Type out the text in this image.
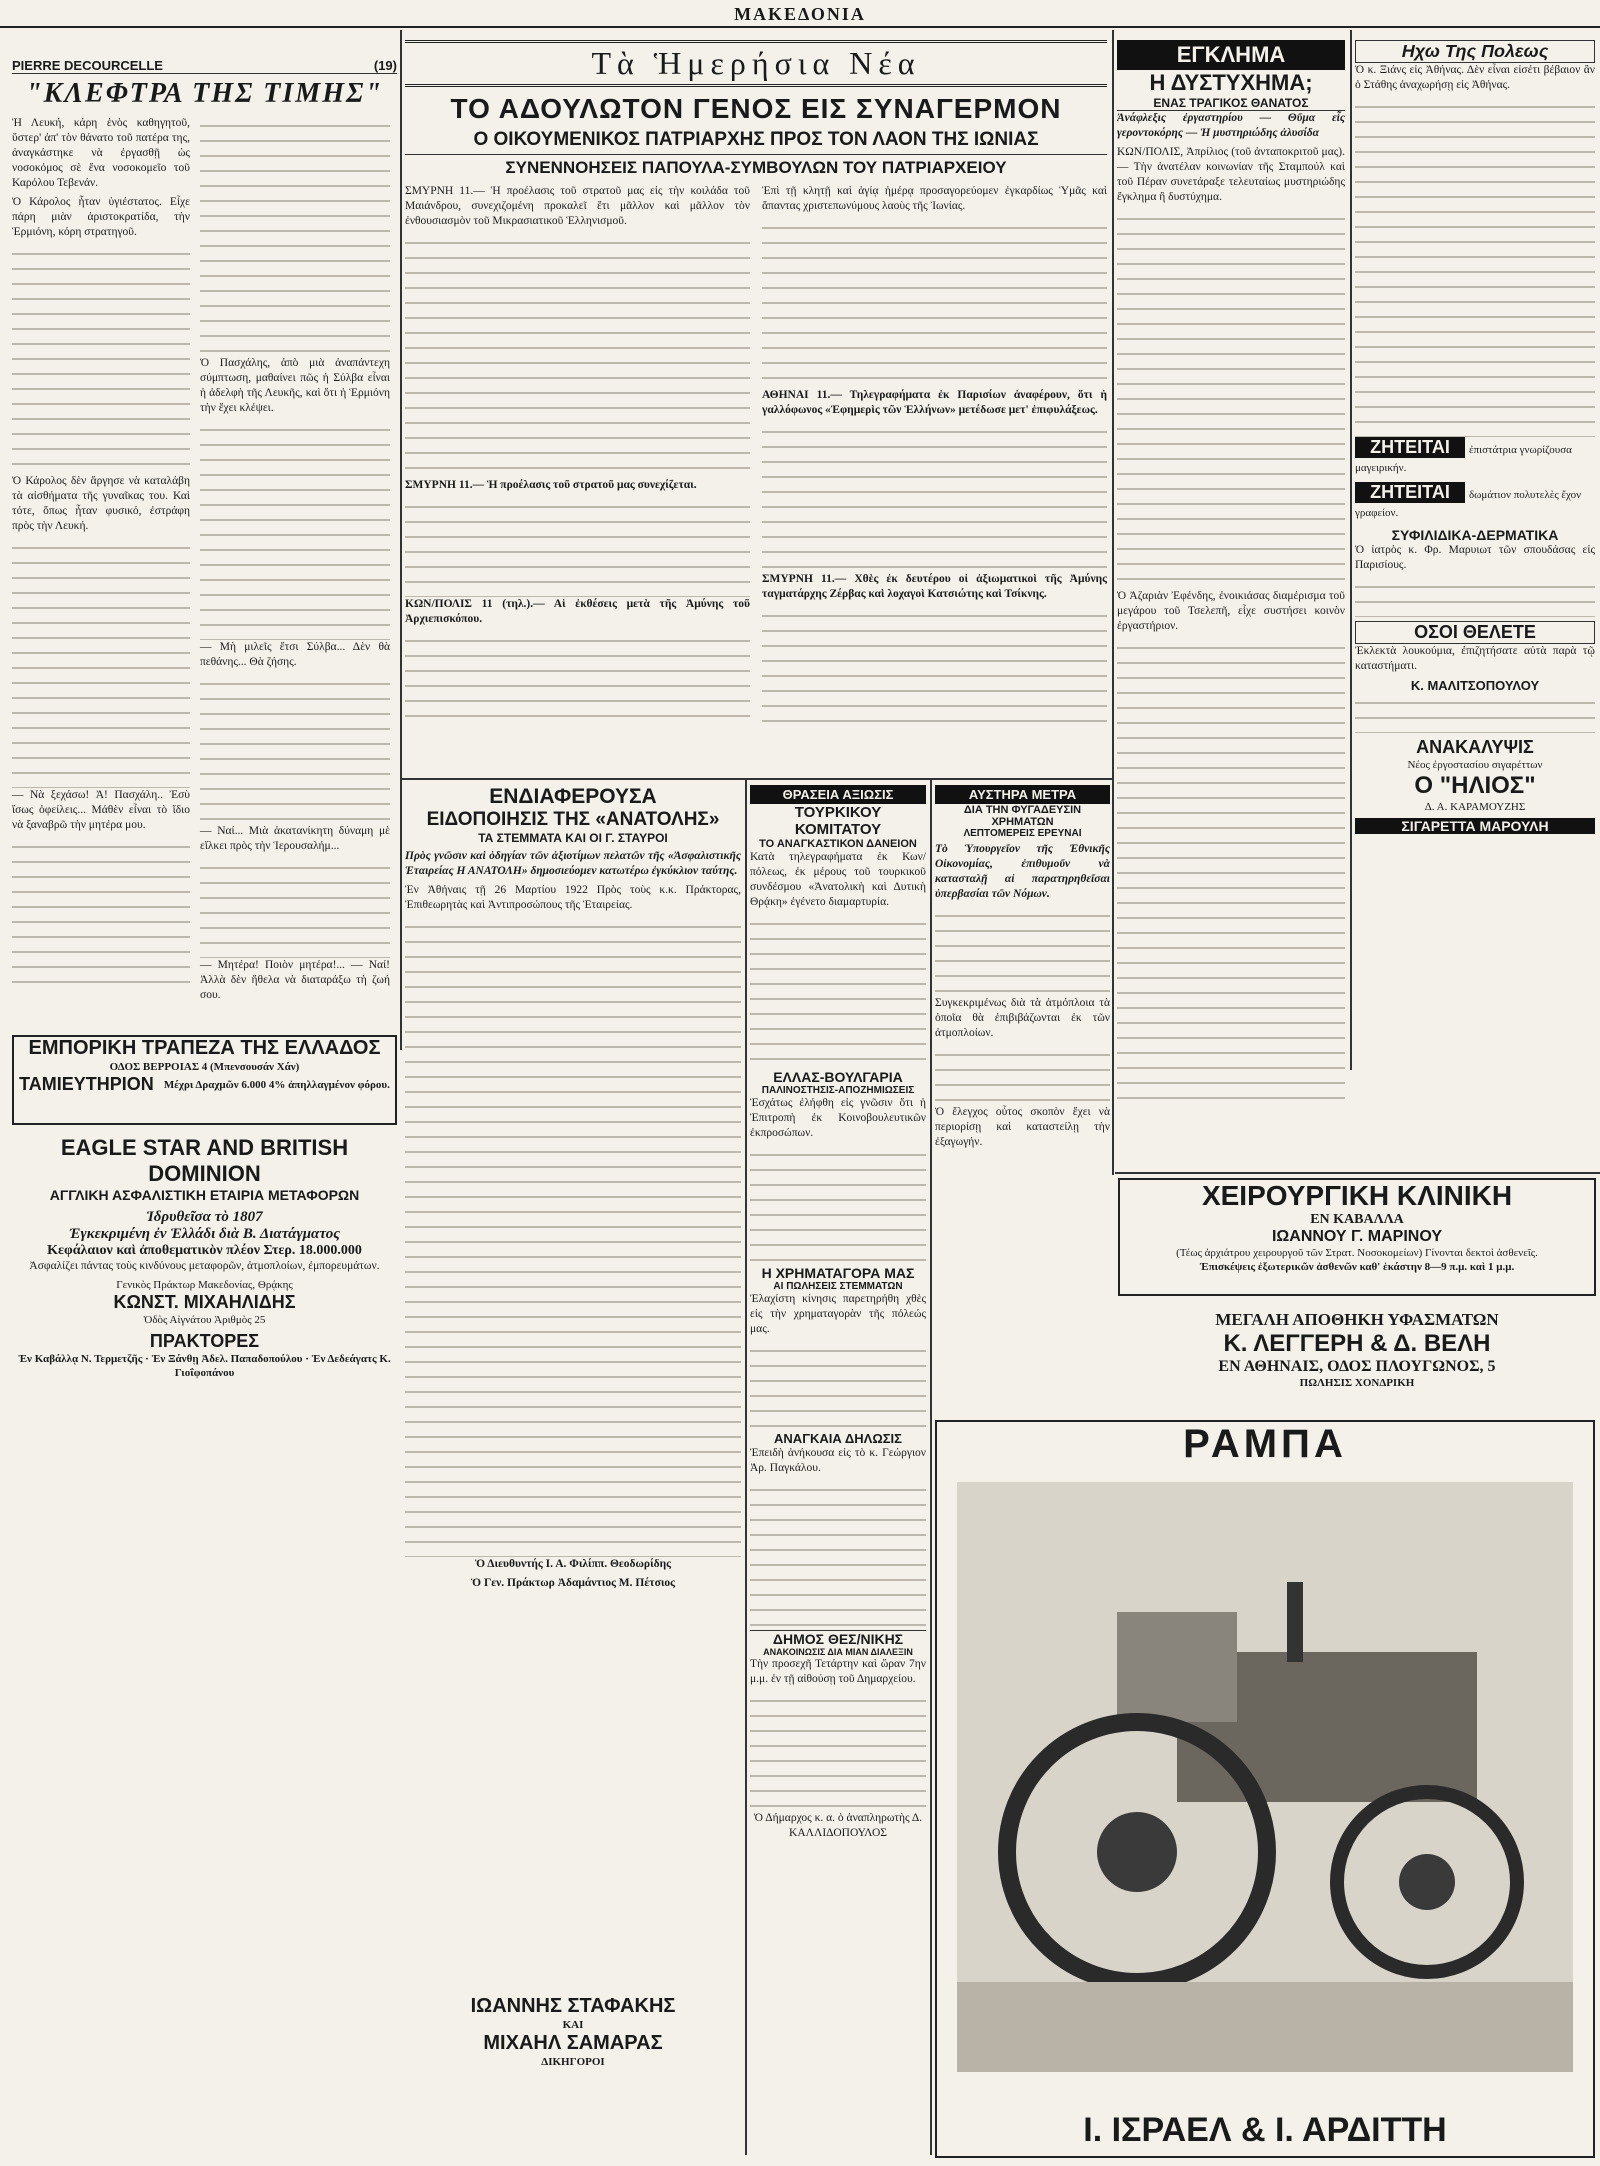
ΜΑΚΕΔΟΝΙΑ
PIERRE DECOURCELLE	(19)
"ΚΛΕΦΤΡΑ ΤΗΣ ΤΙΜΗΣ"

Ἡ Λευκή, κάρη ἑνὸς καθηγητοῦ, ὕστερ' ἀπ' τὸν θάνατο τοῦ πατέρα της, ἀναγκάστηκε νὰ ἐργασθῇ ὡς νοσοκόμος σὲ ἕνα νοσοκομεῖο τοῦ Καρόλου Τεβενάν.

Ὁ Κάρολος ἦταν ὑγιέστατος. Εἶχε πάρη μιὰν ἀριστοκρατίδα, τὴν Ἑρμιόνη, κόρη στρατηγοῦ.

Ὁ Κάρολος δὲν ἄργησε νὰ καταλάβη τὰ αἰσθήματα τῆς γυναῖκας του. Καὶ τότε, ὅπως ἦταν φυσικό, ἐστράφη πρὸς τὴν Λευκή.

— Νὰ ξεχάσω! Ἀ! Πασχάλη.. Ἐσὺ ἴσως ὀφείλεις... Μάθὲν εἶναι τὸ ἴδιο νὰ ξαναβρῶ τὴν μητέρα μου.

Ὁ Πασχάλης, ἀπὸ μιὰ ἀναπάντεχη σύμπτωση, μαθαίνει πῶς ἡ Σύλβα εἶναι ἡ ἀδελφὴ τῆς Λευκῆς, καὶ ὅτι ἡ Ἑρμιόνη τὴν ἔχει κλέψει.

— Μὴ μιλεῖς ἔτσι Σύλβα... Δὲν θὰ πεθάνης... Θὰ ζήσης.

— Ναί... Μιὰ ἀκατανίκητη δύναμη μὲ εἵλκει πρὸς τὴν Ἱερουσαλήμ...

— Μητέρα! Ποιὸν μητέρα!... — Ναί! Ἀλλὰ δὲν ἤθελα νὰ διαταράξω τὴ ζωή σου.

Τὰ Ἡμερήσια Νέα
ΤΟ ΑΔΟΥΛΩΤΟΝ ΓΕΝΟΣ ΕΙΣ ΣΥΝΑΓΕΡΜΟΝ
Ο ΟΙΚΟΥΜΕΝΙΚΟΣ ΠΑΤΡΙΑΡΧΗΣ ΠΡΟΣ ΤΟΝ ΛΑΟΝ ΤΗΣ ΙΩΝΙΑΣ
ΣΥΝΕΝΝΟΗΣΕΙΣ ΠΑΠΟΥΛΑ-ΣΥΜΒΟΥΛΩΝ ΤΟΥ ΠΑΤΡΙΑΡΧΕΙΟΥ

ΣΜΥΡΝΗ 11.— Ἡ προέλασις τοῦ στρατοῦ μας εἰς τὴν κοιλάδα τοῦ Μαιάνδρου, συνεχιζομένη προκαλεῖ ἔτι μᾶλλον καὶ μᾶλλον τὸν ἐνθουσιασμὸν τοῦ Μικρασιατικοῦ Ἑλληνισμοῦ.

ΣΜΥΡΝΗ 11.— Ἡ προέλασις τοῦ στρατοῦ μας συνεχίζεται.

ΚΩΝ/ΠΟΛΙΣ 11 (τηλ.).— Αἱ ἐκθέσεις μετὰ τῆς Ἀμύνης τοῦ Ἀρχιεπισκόπου.

Ἐπὶ τῇ κλητῇ καὶ ἁγίᾳ ἡμέρᾳ προσαγορεύομεν ἐγκαρδίως Ὑμᾶς καὶ ἅπαντας χριστεπωνύμους λαοὺς τῆς Ἰωνίας.

ΑΘΗΝΑΙ 11.— Τηλεγραφήματα ἐκ Παρισίων ἀναφέρουν, ὅτι ἡ γαλλόφωνος «Ἐφημερὶς τῶν Ἑλλήνων» μετέδωσε μετ' ἐπιφυλάξεως.

ΣΜΥΡΝΗ 11.— Χθὲς ἐκ δευτέρου οἱ ἀξιωματικοὶ τῆς Ἀμύνης ταγματάρχης Ζέρβας καὶ λοχαγοὶ Κατσιώτης καὶ Τσίκνης.

ΕΝΔΙΑΦΕΡΟΥΣΑ
ΕΙΔΟΠΟΙΗΣΙΣ ΤΗΣ «ΑΝΑΤΟΛΗΣ»
ΤΑ ΣΤΕΜΜΑΤΑ ΚΑΙ ΟΙ Γ. ΣΤΑΥΡΟΙ

Πρὸς γνῶσιν καὶ ὁδηγίαν τῶν ἀξιοτίμων πελατῶν τῆς «Ἀσφαλιστικῆς Ἑταιρείας Η ΑΝΑΤΟΛΗ» δημοσιεύομεν κατωτέρω ἐγκύκλιον ταύτης.

Ἐν Ἀθήναις τῇ 26 Μαρτίου 1922 Πρὸς τοὺς κ.κ. Πράκτορας, Ἐπιθεωρητὰς καὶ Ἀντιπροσώπους τῆς Ἑταιρείας.

Ὁ Διευθυντής Ι. Α. Φιλίππ. Θεοδωρίδης

Ὁ Γεν. Πράκτωρ Ἀδαμάντιος Μ. Πέτσιος

ΙΩΑΝΝΗΣ ΣΤΑΦΑΚΗΣ
ΚΑΙ
ΜΙΧΑΗΛ ΣΑΜΑΡΑΣ
ΔΙΚΗΓΟΡΟΙ
ΘΡΑΣΕΙΑ ΑΞΙΩΣΙΣ
ΤΟΥΡΚΙΚΟΥ ΚΟΜΙΤΑΤΟΥ
ΤΟ ΑΝΑΓΚΑΣΤΙΚΟΝ ΔΑΝΕΙΟΝ

Κατὰ τηλεγραφήματα ἐκ Κων/πόλεως, ἐκ μέρους τοῦ τουρκικοῦ συνδέσμου «Ἀνατολικὴ καὶ Δυτικὴ Θρᾴκη» ἐγένετο διαμαρτυρία.

ΕΛΛΑΣ-ΒΟΥΛΓΑΡΙΑ
ΠΑΛΙΝΟΣΤΗΣΙΣ-ΑΠΟΖΗΜΙΩΣΕΙΣ

Ἐσχάτως ἐλήφθη εἰς γνῶσιν ὅτι ἡ Ἐπιτροπὴ ἐκ Κοινοβουλευτικῶν ἐκπροσώπων.

Η ΧΡΗΜΑΤΑΓΟΡΑ ΜΑΣ
ΑΙ ΠΩΛΗΣΕΙΣ ΣΤΕΜΜΑΤΩΝ

Ἐλαχίστη κίνησις παρετηρήθη χθὲς εἰς τὴν χρηματαγορὰν τῆς πόλεώς μας.

ΑΝΑΓΚΑΙΑ ΔΗΛΩΣΙΣ

Ἐπειδὴ ἀνήκουσα εἰς τὸ κ. Γεώργιον Ἀρ. Παγκάλου.

ΔΗΜΟΣ ΘΕΣ/ΝΙΚΗΣ
ΑΝΑΚΟΙΝΩΣΙΣ ΔΙΑ ΜΙΑΝ ΔΙΑΛΕΞΙΝ

Τὴν προσεχῆ Τετάρτην καὶ ὥραν 7ην μ.μ. ἐν τῇ αἰθούσῃ τοῦ Δημαρχείου.

Ὁ Δήμαρχος κ. α. ὁ ἀναπληρωτὴς Δ. ΚΑΛΛΙΔΟΠΟΥΛΟΣ

ΑΥΣΤΗΡΑ ΜΕΤΡΑ
ΔΙΑ ΤΗΝ ΦΥΓΑΔΕΥΣΙΝ ΧΡΗΜΑΤΩΝ
ΛΕΠΤΟΜΕΡΕΙΣ ΕΡΕΥΝΑΙ

Τὸ Ὑπουργεῖον τῆς Ἐθνικῆς Οἰκονομίας, ἐπιθυμοῦν νὰ κατασταλῇ αἱ παρατηρηθεῖσαι ὑπερβασίαι τῶν Νόμων.

Συγκεκριμένως διὰ τὰ ἀτμόπλοια τὰ ὁποῖα θὰ ἐπιβιβάζωνται ἐκ τῶν ἀτμοπλοίων.

Ὁ ἔλεγχος οὗτος σκοπὸν ἔχει νὰ περιορίσῃ καὶ καταστείλῃ τὴν ἐξαγωγήν.

ΕΓΚΛΗΜΑ
Η ΔΥΣΤΥΧΗΜΑ;
ΕΝΑΣ ΤΡΑΓΙΚΟΣ ΘΑΝΑΤΟΣ

Ἀνάφλεξις ἐργαστηρίου — Θῦμα εἷς γεροντοκόρης — Ἡ μυστηριώδης ἀλυσίδα

ΚΩΝ/ΠΟΛΙΣ, Ἀπρίλιος (τοῦ ἀνταποκριτοῦ μας).— Τὴν ἀνατέλαν κοινωνίαν τῆς Σταμπούλ καὶ τοῦ Πέραν συνετάραξε τελευταίως μυστηριώδης ἔγκλημα ἢ δυστύχημα.

Ὁ Ἀζαριὰν Ἐφένδης, ἐνοικιάσας διαμέρισμα τοῦ μεγάρου τοῦ Τσελεπῆ, εἶχε συστήσει κοινὸν ἐργαστήριον.

Ηχω Της Πολεως

Ὁ κ. Ξιάνς εἰς Ἀθήνας. Δὲν εἶναι εἰσέτι βέβαιον ἂν ὁ Στάθης ἀναχωρήσῃ εἰς Ἀθήνας.

ΖΗΤΕΙΤΑΙ ἐπιστάτρια γνωρίζουσα μαγειρικήν.
ΖΗΤΕΙΤΑΙ δωμάτιον πολυτελὲς ἔχον γραφείον.
ΣΥΦΙΛΙΔΙΚΑ-ΔΕΡΜΑΤΙΚΑ

Ὁ ἰατρὸς κ. Φρ. Μαρυιωτ τῶν σπουδάσας εἰς Παρισίους.

ΟΣΟΙ ΘΕΛΕΤΕ

Ἐκλεκτὰ λουκούμια, ἐπιζητήσατε αὐτὰ παρὰ τῷ καταστήματι.

Κ. ΜΑΛΙΤΣΟΠΟΥΛΟΥ
ΑΝΑΚΑΛΥΨΙΣ
Νέος ἐργοστασίου σιγαρέττων
Ο "ΗΛΙΟΣ"
Δ. Α. ΚΑΡΑΜΟΥΖΗΣ
ΣΙΓΑΡΕΤΤΑ ΜΑΡΟΥΛΗ
ΧΕΙΡΟΥΡΓΙΚΗ ΚΛΙΝΙΚΗ
ΕΝ ΚΑΒΑΛΛΑ
ΙΩΑΝΝΟΥ Γ. ΜΑΡΙΝΟΥ
(Τέως ἀρχιάτρου χειρουργοῦ τῶν Στρατ. Νοσοκομείων) Γίνονται δεκτοὶ ἀσθενεῖς.
Ἐπισκέψεις ἐξωτερικῶν ἀσθενῶν καθ' ἑκάστην 8—9 π.μ. καὶ 1 μ.μ.
ΜΕΓΑΛΗ ΑΠΟΘΗΚΗ ΥΦΑΣΜΑΤΩΝ
Κ. ΛΕΓΓΕΡΗ & Δ. ΒΕΛΗ
ΕΝ ΑΘΗΝΑΙΣ, ΟΔΟΣ ΠΛΟΥΓΩΝΟΣ, 5
ΠΩΛΗΣΙΣ ΧΟΝΔΡΙΚΗ
ΡΑΜΠΑ
Ι. ΙΣΡΑΕΛ & Ι. ΑΡΔΙΤΤΗ
ΕΜΠΟΡΙΚΗ ΤΡΑΠΕΖΑ ΤΗΣ ΕΛΛΑΔΟΣ
ΟΔΟΣ ΒΕΡΡΟΙΑΣ 4 (Μπενσουσάν Χάν)
ΤΑΜΙΕΥΤΗΡΙΟΝ Μέχρι Δραχμῶν 6.000 4% ἀπηλλαγμένον φόρου.
EAGLE STAR AND BRITISH DOMINION
ΑΓΓΛΙΚΗ ΑΣΦΑΛΙΣΤΙΚΗ ΕΤΑΙΡΙΑ ΜΕΤΑΦΟΡΩΝ
Ἱδρυθεῖσα τὸ 1807
Ἐγκεκριμένη ἐν Ἑλλάδι διὰ Β. Διατάγματος
Κεφάλαιον καὶ ἀποθεματικὸν πλέον Στερ. 18.000.000

Ἀσφαλίζει πάντας τοὺς κινδύνους μεταφορῶν, ἀτμοπλοίων, ἐμπορευμάτων.

Γενικὸς Πράκτωρ Μακεδονίας, Θρᾴκης
ΚΩΝΣΤ. ΜΙΧΑΗΛΙΔΗΣ
Ὁδὸς Αἰγνάτου Ἀριθμὸς 25
ΠΡΑΚΤΟΡΕΣ
Ἐν Καβάλλᾳ Ν. Τερμετζῆς · Ἐν Ξάνθῃ Ἀδελ. Παπαδοπούλου · Ἐν Δεδεάγατς Κ. Γιοΐφοπάνου
